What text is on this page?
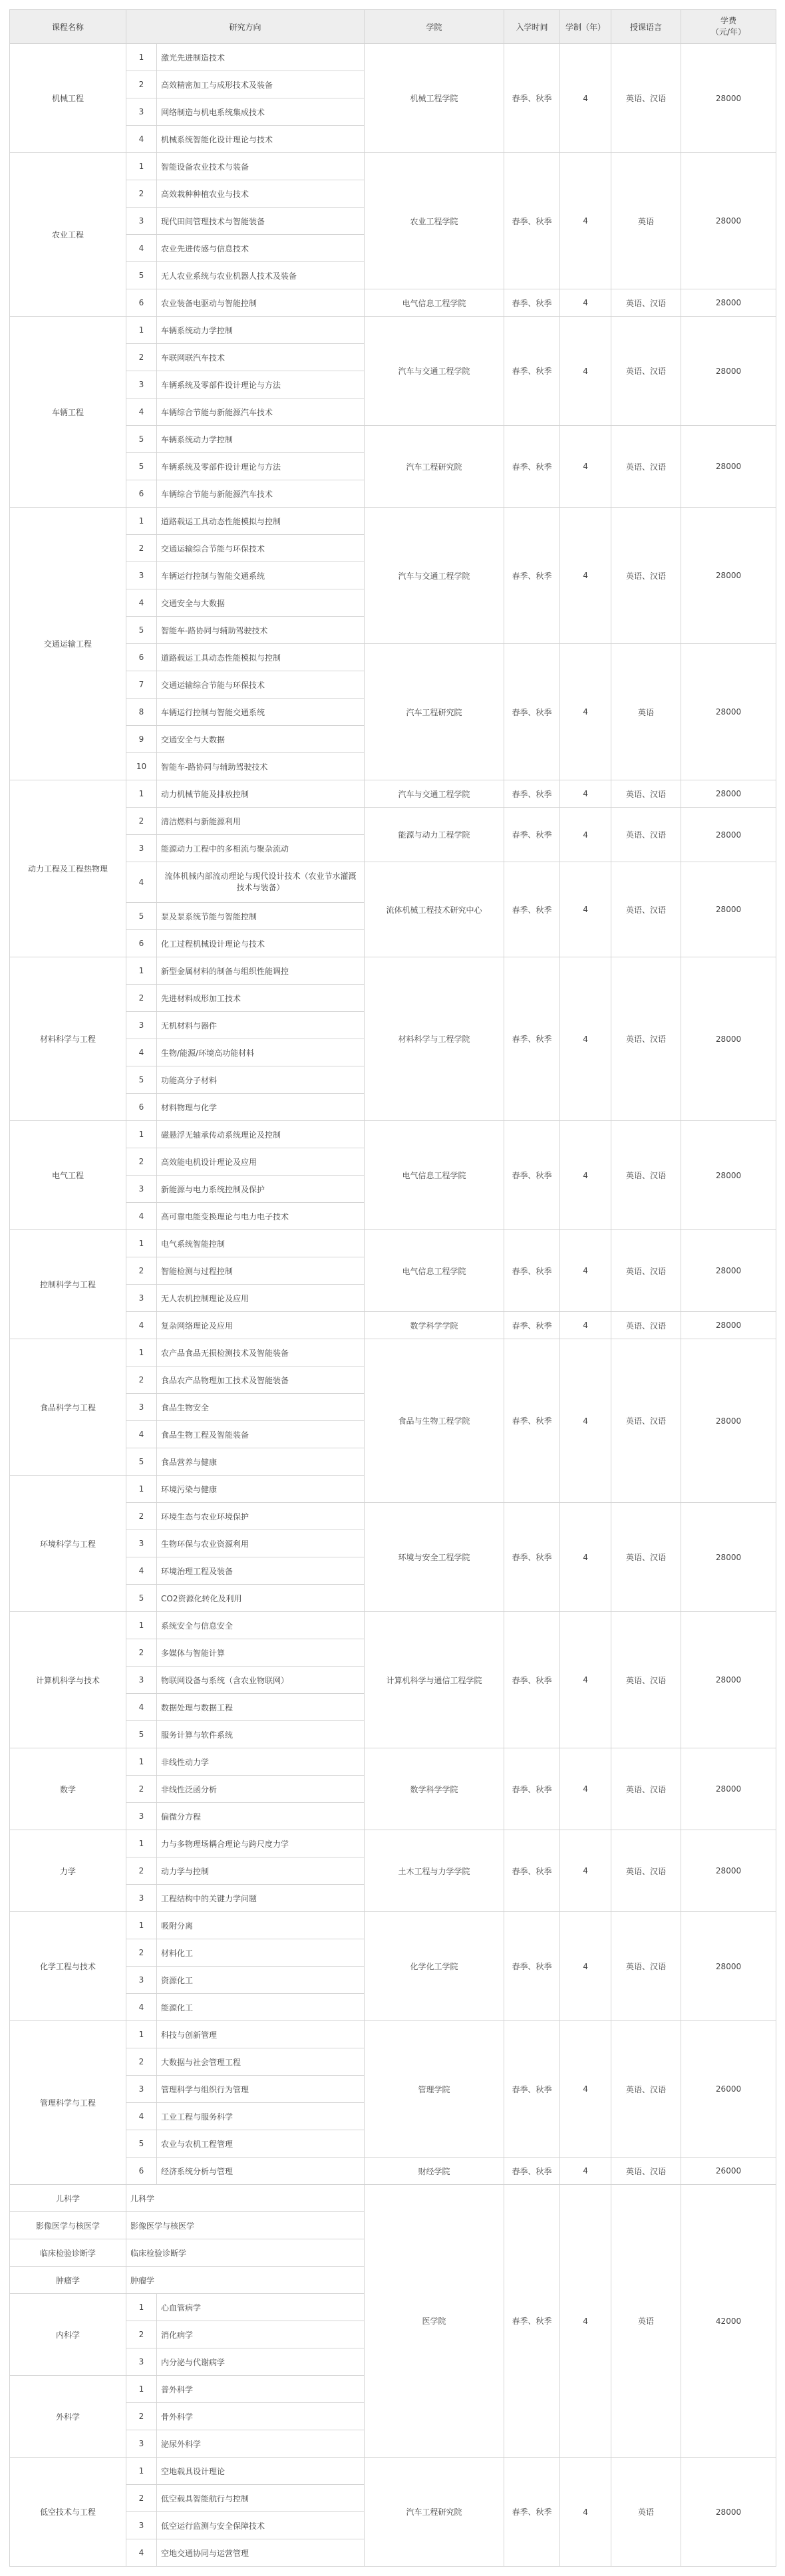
课程名称	研究方向		学院	入学时间	学制（年）	授课语言	学费
（元/年）
机械工程	1	激光先进制造技术	机械工程学院	春季、秋季	4	英语、汉语	28000
	2	高效精密加工与成形技术及装备					
	3	网络制造与机电系统集成技术					
	4	机械系统智能化设计理论与技术					
农业工程	1	智能设备农业技术与装备	农业工程学院	春季、秋季	4	英语	28000
	2	高效栽种种植农业与技术					
	3	现代田间管理技术与智能装备					
	4	农业先进传感与信息技术					
	5	无人农业系统与农业机器人技术及装备					
	6	农业装备电驱动与智能控制	电气信息工程学院	春季、秋季	4	英语、汉语	28000
车辆工程	1	车辆系统动力学控制	汽车与交通工程学院	春季、秋季	4	英语、汉语	28000
	2	车联网联汽车技术					
	3	车辆系统及零部件设计理论与方法					
	4	车辆综合节能与新能源汽车技术					
	5	车辆系统动力学控制	汽车工程研究院	春季、秋季	4	英语、汉语	28000
	5	车辆系统及零部件设计理论与方法					
	6	车辆综合节能与新能源汽车技术					
交通运输工程	1	道路载运工具动态性能模拟与控制	汽车与交通工程学院	春季、秋季	4	英语、汉语	28000
	2	交通运输综合节能与环保技术					
	3	车辆运行控制与智能交通系统					
	4	交通安全与大数据					
	5	智能车-路协同与辅助驾驶技术					
	6	道路载运工具动态性能模拟与控制	汽车工程研究院	春季、秋季	4	英语	28000
	7	交通运输综合节能与环保技术					
	8	车辆运行控制与智能交通系统					
	9	交通安全与大数据					
	10	智能车-路协同与辅助驾驶技术					
动力工程及工程热物理	1	动力机械节能及排放控制	汽车与交通工程学院	春季、秋季	4	英语、汉语	28000
	2	清洁燃料与新能源利用	能源与动力工程学院	春季、秋季	4	英语、汉语	28000
	3	能源动力工程中的多相流与聚杂流动					
	4	流体机械内部流动理论与现代设计技术（农业节水灌溉技术与装备）	流体机械工程技术研究中心	春季、秋季	4	英语、汉语	28000
	5	泵及泵系统节能与智能控制					
	6	化工过程机械设计理论与技术					
材料科学与工程	1	新型金属材料的制备与组织性能调控	材料科学与工程学院	春季、秋季	4	英语、汉语	28000
	2	先进材料成形加工技术					
	3	无机材料与器件					
	4	生物/能源/环境高功能材料					
	5	功能高分子材料					
	6	材料物理与化学					
电气工程	1	磁悬浮无轴承传动系统理论及控制	电气信息工程学院	春季、秋季	4	英语、汉语	28000
	2	高效能电机设计理论及应用					
	3	新能源与电力系统控制及保护					
	4	高可靠电能变换理论与电力电子技术					
控制科学与工程	1	电气系统智能控制	电气信息工程学院	春季、秋季	4	英语、汉语	28000
	2	智能检测与过程控制					
	3	无人农机控制理论及应用					
	4	复杂网络理论及应用	数学科学学院	春季、秋季	4	英语、汉语	28000
食品科学与工程	1	农产品食品无损检测技术及智能装备	食品与生物工程学院	春季、秋季	4	英语、汉语	28000
	2	食品农产品物理加工技术及智能装备					
	3	食品生物安全					
	4	食品生物工程及智能装备					
	5	食品营养与健康					
环境科学与工程	1	环境污染与健康					
	2	环境生态与农业环境保护	环境与安全工程学院	春季、秋季	4	英语、汉语	28000
	3	生物环保与农业资源利用					
	4	环境治理工程及装备					
	5	CO2资源化转化及利用					
计算机科学与技术	1	系统安全与信息安全	计算机科学与通信工程学院	春季、秋季	4	英语、汉语	28000
	2	多媒体与智能计算					
	3	物联网设备与系统（含农业物联网）					
	4	数据处理与数据工程					
	5	服务计算与软件系统					
数学	1	非线性动力学	数学科学学院	春季、秋季	4	英语、汉语	28000
	2	非线性泛函分析					
	3	偏微分方程					
力学	1	力与多物理场耦合理论与跨尺度力学	土木工程与力学学院	春季、秋季	4	英语、汉语	28000
	2	动力学与控制					
	3	工程结构中的关键力学问题					
化学工程与技术	1	吸附分离	化学化工学院	春季、秋季	4	英语、汉语	28000
	2	材料化工					
	3	资源化工					
	4	能源化工					
管理科学与工程	1	科技与创新管理	管理学院	春季、秋季	4	英语、汉语	26000
	2	大数据与社会管理工程					
	3	管理科学与组织行为管理					
	4	工业工程与服务科学					
	5	农业与农机工程管理					
	6	经济系统分析与管理	财经学院	春季、秋季	4	英语、汉语	26000
儿科学	儿科学		医学院	春季、秋季	4	英语	42000
影像医学与核医学	影像医学与核医学						
临床检验诊断学	临床检验诊断学						
肿瘤学	肿瘤学						
内科学	1	心血管病学					
	2	消化病学					
	3	内分泌与代谢病学					
外科学	1	普外科学					
	2	骨外科学					
	3	泌尿外科学					
低空技术与工程	1	空地载具设计理论	汽车工程研究院	春季、秋季	4	英语	28000
	2	低空载具智能航行与控制					
	3	低空运行监测与安全保障技术					
	4	空地交通协同与运营管理					
